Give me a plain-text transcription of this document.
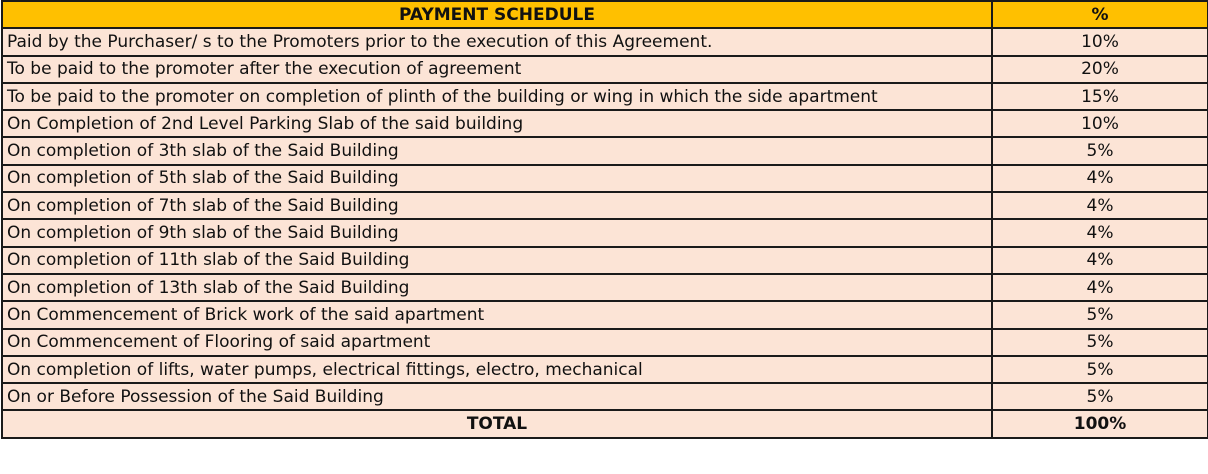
PAYMENT SCHEDULE	%
Paid by the Purchaser/ s to the Promoters prior to the execution of this Agreement.	10%
To be paid to the promoter after the execution of agreement	20%
To be paid to the promoter on completion of plinth of the building or wing in which the side apartment	15%
On Completion of 2nd Level Parking Slab of the said building	10%
On completion of 3th slab of the Said Building	5%
On completion of 5th slab of the Said Building	4%
On completion of 7th slab of the Said Building	4%
On completion of 9th slab of the Said Building	4%
On completion of 11th slab of the Said Building	4%
On completion of 13th slab of the Said Building	4%
On Commencement of Brick work of the said apartment	5%
On Commencement of Flooring of said apartment	5%
On completion of lifts, water pumps, electrical fittings, electro, mechanical	5%
On or Before Possession of the Said Building	5%
TOTAL	100%
